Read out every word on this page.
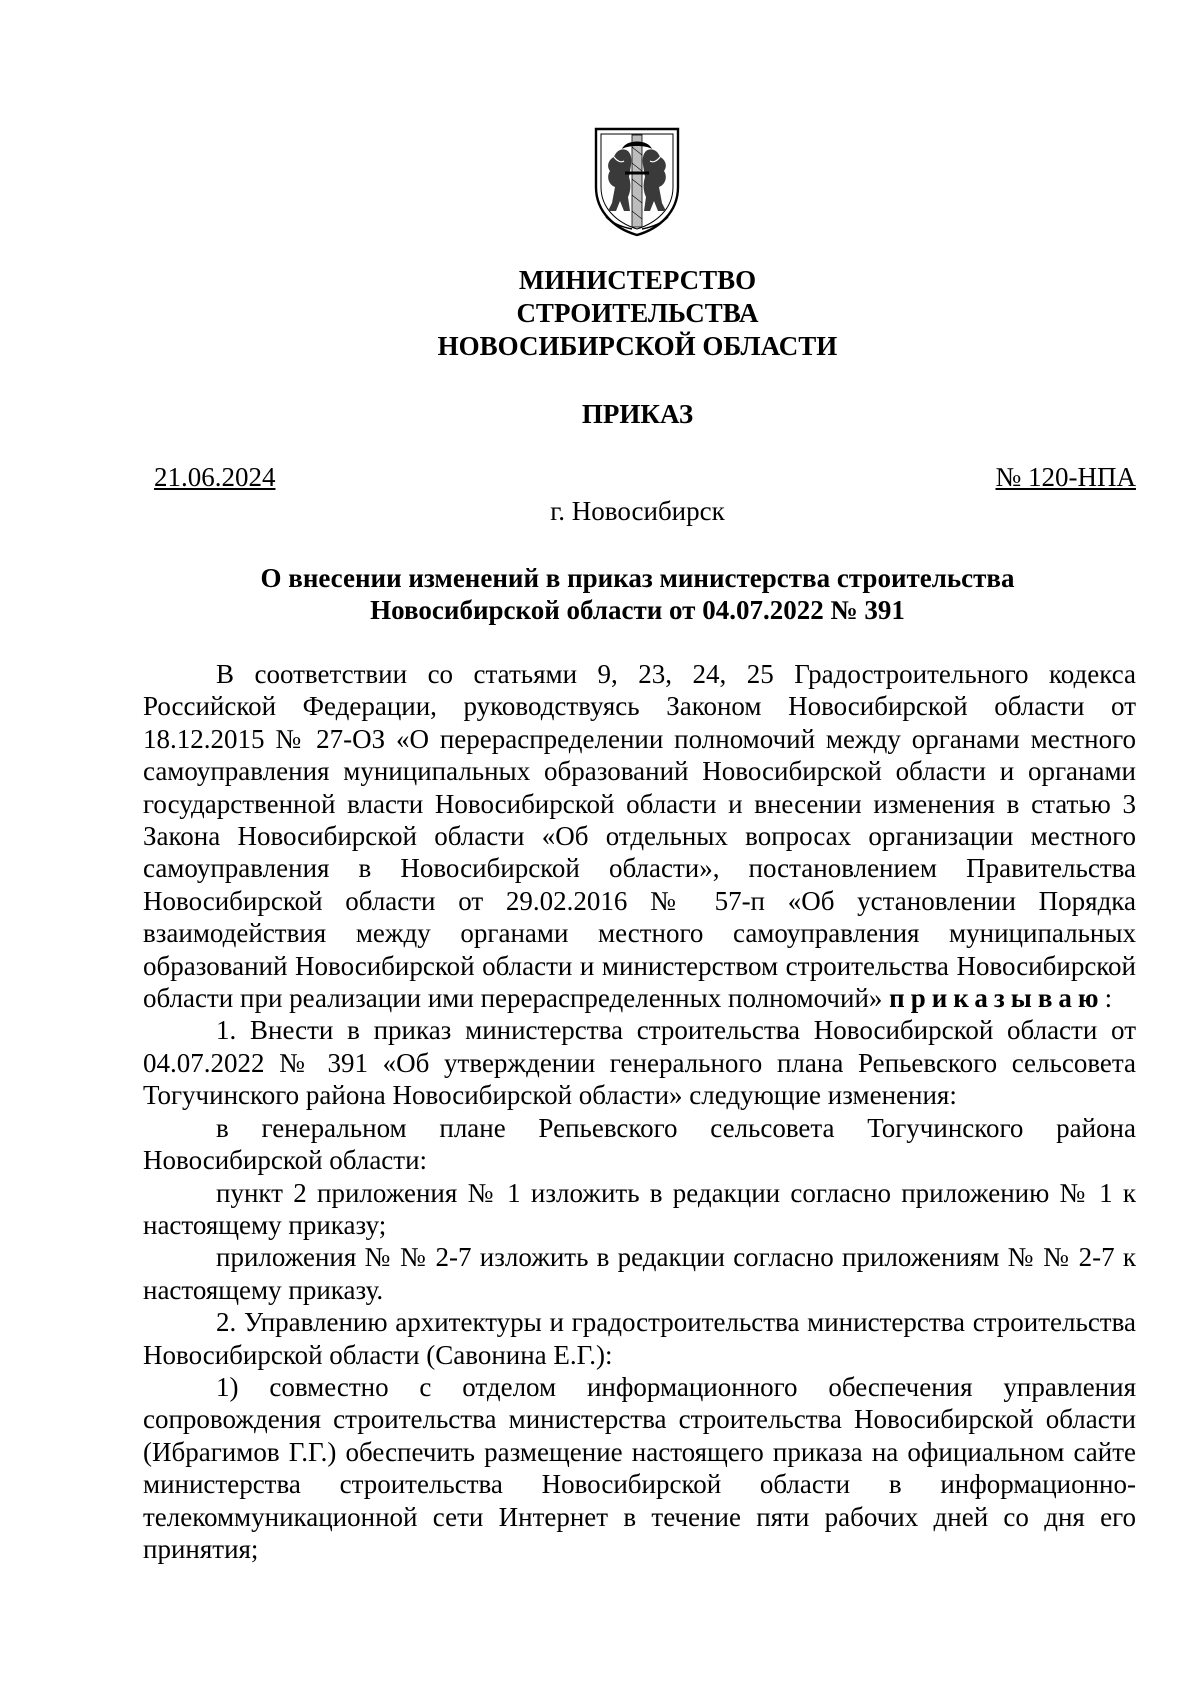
МИНИСТЕРСТВО
СТРОИТЕЛЬСТВА
НОВОСИБИРСКОЙ ОБЛАСТИ
ПРИКАЗ
21.06.2024	№ 120-НПА
г. Новосибирск
О внесении изменений в приказ министерства строительства
Новосибирской области от 04.07.2022 № 391

В соответствии со статьями 9, 23, 24, 25 Градостроительного кодекса Российской Федерации, руководствуясь Законом Новосибирской области от 18.12.2015 № 27-ОЗ «О перераспределении полномочий между органами местного самоуправления муниципальных образований Новосибирской области и органами государственной власти Новосибирской области и внесении изменения в статью 3 Закона Новосибирской области «Об отдельных вопросах организации местного самоуправления в Новосибирской области», постановлением Правительства Новосибирской области от 29.02.2016 № 57-п «Об установлении Порядка взаимодействия между органами местного самоуправления муниципальных образований Новосибирской области и министерством строительства Новосибирской области при реализации ими перераспределенных полномочий» приказываю:

1. Внести в приказ министерства строительства Новосибирской области от 04.07.2022 № 391 «Об утверждении генерального плана Репьевского сельсовета Тогучинского района Новосибирской области» следующие изменения:

в генеральном плане Репьевского сельсовета Тогучинского района Новосибирской области:

пункт 2 приложения № 1 изложить в редакции согласно приложению № 1 к настоящему приказу;

приложения № № 2-7 изложить в редакции согласно приложениям № № 2-7 к настоящему приказу.

2. Управлению архитектуры и градостроительства министерства строительства Новосибирской области (Савонина Е.Г.):

1) совместно с отделом информационного обеспечения управления сопровождения строительства министерства строительства Новосибирской области (Ибрагимов Г.Г.) обеспечить размещение настоящего приказа на официальном сайте министерства строительства Новосибирской области в информационно-телекоммуникационной сети Интернет в течение пяти рабочих дней со дня его принятия;
